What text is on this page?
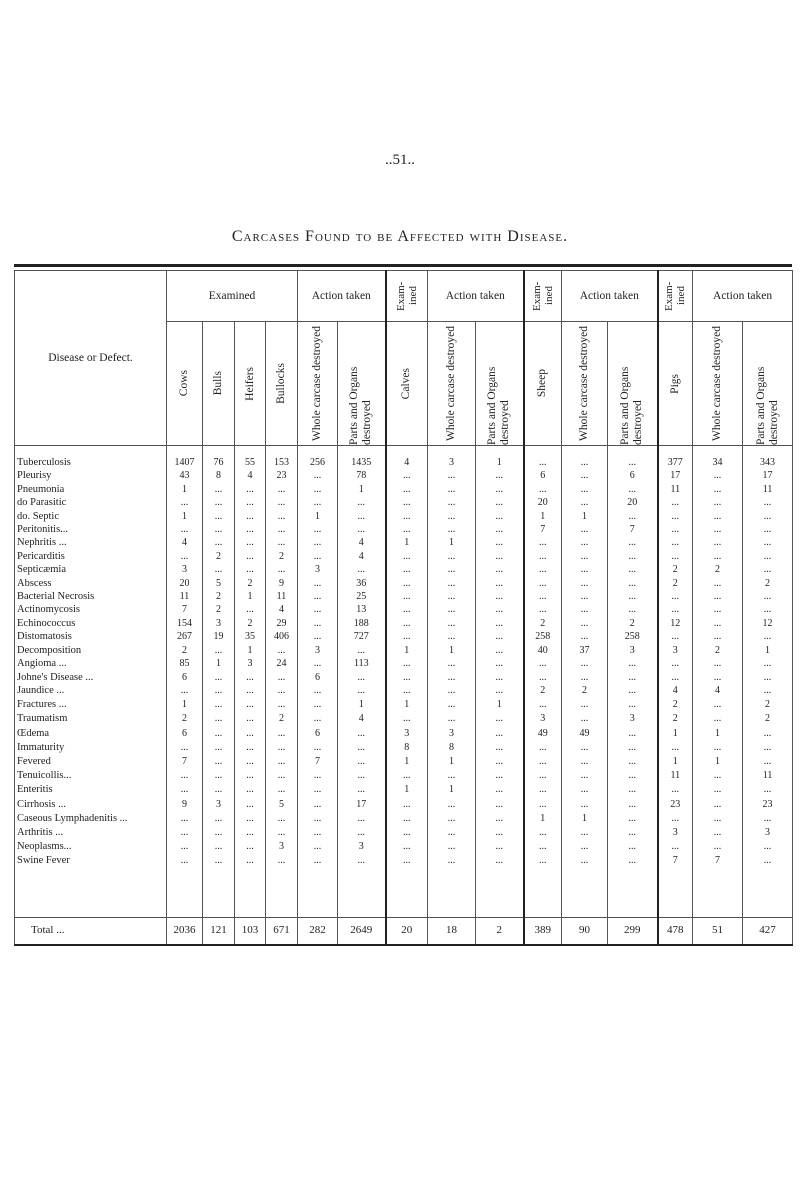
..51..
Carcases Found to be Affected with Disease.
Disease or Defect.	Examined				Action taken		Exam- ined	Action taken		Exam- ined	Action taken		Exam- ined	Action taken	

	Cows	Bulls	Heifers	Bullocks	Whole carcase destroyed	Parts and Organs destroyed	Calves	Whole carcase destroyed	Parts and Organs destroyed	Sheep	Whole carcase destroyed	Parts and Organs destroyed	Pigs	Whole carcase destroyed	Parts and Organs destroyed

Tuberculosis	1407	76	55	153	256	1435	4	3	1	...	...	...	377	34	343
Pleurisy	43	8	4	23	...	78	...	...	...	6	...	6	17	...	17
Pneumonia	1	...	...	...	...	1	...	...	...	...	...	...	11	...	11
do Parasitic	...	...	...	...	...	...	...	...	...	20	...	20	...	...	...
do. Septic	1	...	...	...	1	...	...	...	...	1	1	...	...	...	...
Peritonitis...	...	...	...	...	...	...	...	...	...	7	...	7	...	...	...
Nephritis ...	4	...	...	...	...	4	1	1	...	...	...	...	...	...	...
Pericarditis	...	2	...	2	...	4	...	...	...	...	...	...	...	...	...
Septicæmia	3	...	...	...	3	...	...	...	...	...	...	...	2	2	...
Abscess	20	5	2	9	...	36	...	...	...	...	...	...	2	...	2
Bacterial Necrosis	11	2	1	11	...	25	...	...	...	...	...	...	...	...	...
Actinomycosis	7	2	...	4	...	13	...	...	...	...	...	...	...	...	...
Echinococcus	154	3	2	29	...	188	...	...	...	2	...	2	12	...	12
Distomatosis	267	19	35	406	...	727	...	...	...	258	...	258	...	...	...
Decomposition	2	...	1	...	3	...	1	1	...	40	37	3	3	2	1
Angioma ...	85	1	3	24	...	113	...	...	...	...	...	...	...	...	...
Johne's Disease ...	6	...	...	...	6	...	...	...	...	...	...	...	...	...	...
Jaundice ...	...	...	...	...	...	...	...	...	...	2	2	...	4	4	...
Fractures ...	1	...	...	...	...	1	1	...	1	...	...	...	2	...	2
Traumatism	2	...	...	2	...	4	...	...	...	3	...	3	2	...	2
Œdema	6	...	...	...	6	...	3	3	...	49	49	...	1	1	...
Immaturity	...	...	...	...	...	...	8	8	...	...	...	...	...	...	...
Fevered	7	...	...	...	7	...	1	1	...	...	...	...	1	1	...
Tenuicollis...	...	...	...	...	...	...	...	...	...	...	...	...	11	...	11
Enteritis	...	...	...	...	...	...	1	1	...	...	...	...	...	...	...
Cirrhosis ...	9	3	...	5	...	17	...	...	...	...	...	...	23	...	23
Caseous Lymphadenitis ...	...	...	...	...	...	...	...	...	...	1	1	...	...	...	...
Arthritis ...	...	...	...	...	...	...	...	...	...	...	...	...	3	...	3
Neoplasms...	...	...	...	3	...	3	...	...	...	...	...	...	...	...	...
Swine Fever	...	...	...	...	...	...	...	...	...	...	...	...	7	7	...

Total ...	2036	121	103	671	282	2649	20	18	2	389	90	299	478	51	427
